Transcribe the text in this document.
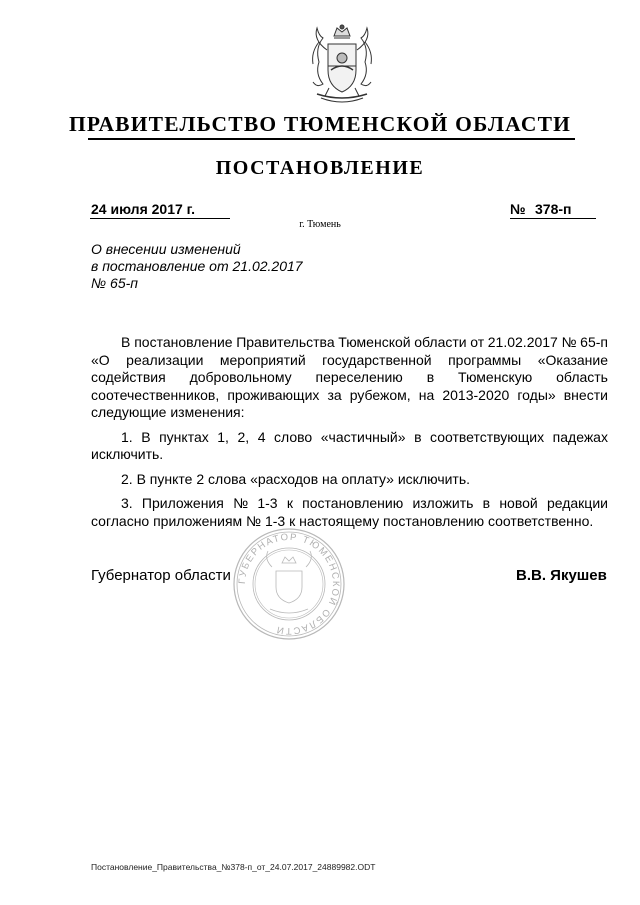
ПРАВИТЕЛЬСТВО ТЮМЕНСКОЙ ОБЛАСТИ
ПОСТАНОВЛЕНИЕ
24 июля 2017 г.	№ 378-п
г. Тюмень
О внесении изменений
в постановление от 21.02.2017
№ 65-п
В постановление Правительства Тюменской области от 21.02.2017 № 65-п
«О реализации мероприятий государственной программы «Оказание
содействия добровольному переселению в Тюменскую область
соотечественников, проживающих за рубежом, на 2013-2020 годы» внести
следующие изменения:
1. В пунктах 1, 2, 4 слово «частичный» в соответствующих падежах
исключить.
2. В пункте 2 слова «расходов на оплату» исключить.
3. Приложения № 1-3 к постановлению изложить в новой редакции
согласно приложениям № 1-3 к настоящему постановлению соответственно.
ГУБЕРНАТОР ТЮМЕНСКОЙ ОБЛАСТИ
Губернатор области	В.В. Якушев
Постановление_Правительства_№378-п_от_24.07.2017_24889982.ODT
